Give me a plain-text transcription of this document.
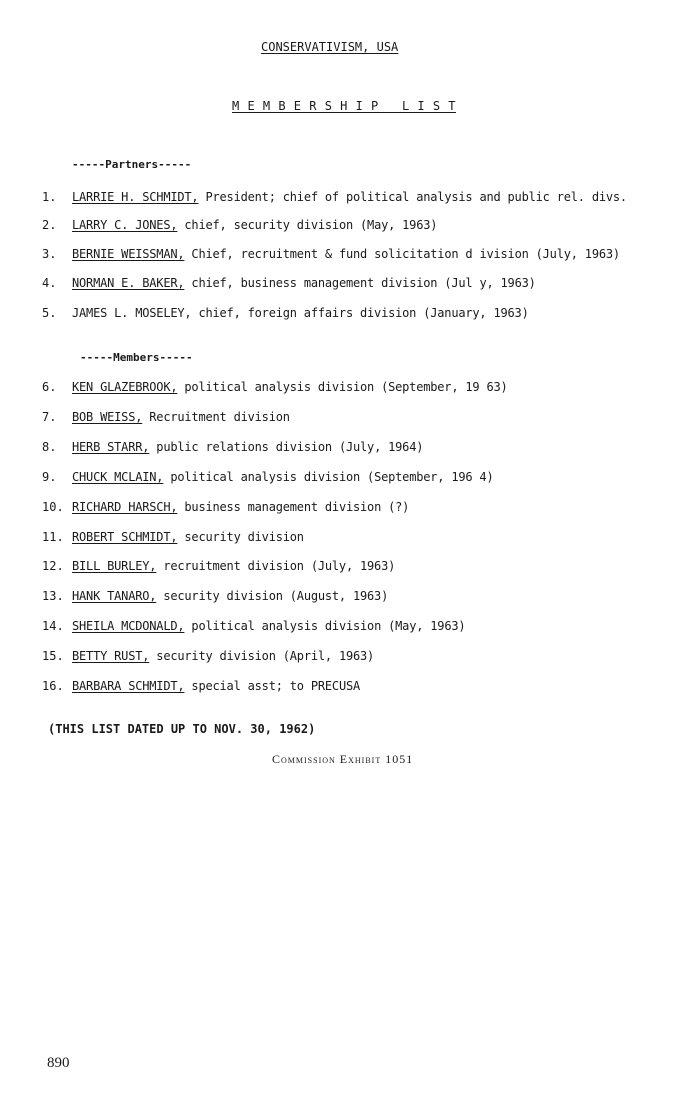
CONSERVATIVISM, USA
M E M B E R S H I P   L I S T
-----Partners-----
1. LARRIE H. SCHMIDT, President; chief of political analysis and public rel. divs.
2. LARRY C. JONES, chief, security division (May, 1963)
3. BERNIE WEISSMAN, Chief, recruitment & fund solicitation d ivision (July, 1963)
4. NORMAN E. BAKER, chief, business management division (Jul y, 1963)
5. JAMES L. MOSELEY, chief, foreign affairs division (January, 1963)
-----Members-----
6. KEN GLAZEBROOK, political analysis division (September, 19 63)
7. BOB WEISS, Recruitment division
8. HERB STARR, public relations division (July, 1964)
9. CHUCK MCLAIN, political analysis division (September, 196 4)
10. RICHARD HARSCH, business management division (?)
11. ROBERT SCHMIDT, security division
12. BILL BURLEY, recruitment division (July, 1963)
13. HANK TANARO, security division (August, 1963)
14. SHEILA MCDONALD, political analysis division (May, 1963)
15. BETTY RUST, security division (April, 1963)
16. BARBARA SCHMIDT, special asst; to PRECUSA
(THIS LIST DATED UP TO NOV. 30, 1962)
Commission Exhibit 1051
890
